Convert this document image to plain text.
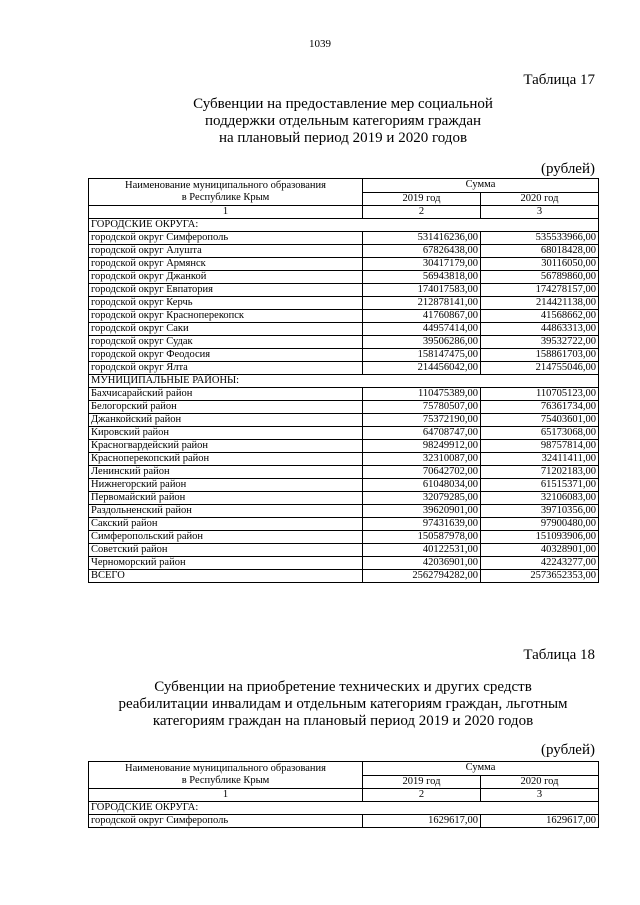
1039
Таблица 17
Субвенции на предоставление мер социальной
поддержки отдельным категориям граждан
на плановый период 2019 и 2020 годов
(рублей)
Наименование муниципального образования
в Республике Крым	Сумма	
	2019 год	2020 год
1	2	3
ГОРОДСКИЕ ОКРУГА:		
городской округ Симферополь	531416236,00	535533966,00
городской округ Алушта	67826438,00	68018428,00
городской округ Армянск	30417179,00	30116050,00
городской округ Джанкой	56943818,00	56789860,00
городской округ Евпатория	174017583,00	174278157,00
городской округ Керчь	212878141,00	214421138,00
городской округ Красноперекопск	41760867,00	41568662,00
городской округ Саки	44957414,00	44863313,00
городской округ Судак	39506286,00	39532722,00
городской округ Феодосия	158147475,00	158861703,00
городской округ Ялта	214456042,00	214755046,00
МУНИЦИПАЛЬНЫЕ РАЙОНЫ:		
Бахчисарайский район	110475389,00	110705123,00
Белогорский район	75780507,00	76361734,00
Джанкойский район	75372190,00	75403601,00
Кировский район	64708747,00	65173068,00
Красногвардейский район	98249912,00	98757814,00
Красноперекопский район	32310087,00	32411411,00
Ленинский район	70642702,00	71202183,00
Нижнегорский район	61048034,00	61515371,00
Первомайский район	32079285,00	32106083,00
Раздольненский район	39620901,00	39710356,00
Сакский район	97431639,00	97900480,00
Симферопольский район	150587978,00	151093906,00
Советский район	40122531,00	40328901,00
Черноморский район	42036901,00	42243277,00
ВСЕГО	2562794282,00	2573652353,00
Таблица 18
Субвенции на приобретение технических и других средств
реабилитации инвалидам и отдельным категориям граждан, льготным
категориям граждан на плановый период 2019 и 2020 годов
(рублей)
Наименование муниципального образования
в Республике Крым	Сумма	
	2019 год	2020 год
1	2	3
ГОРОДСКИЕ ОКРУГА:		
городской округ Симферополь	1629617,00	1629617,00
